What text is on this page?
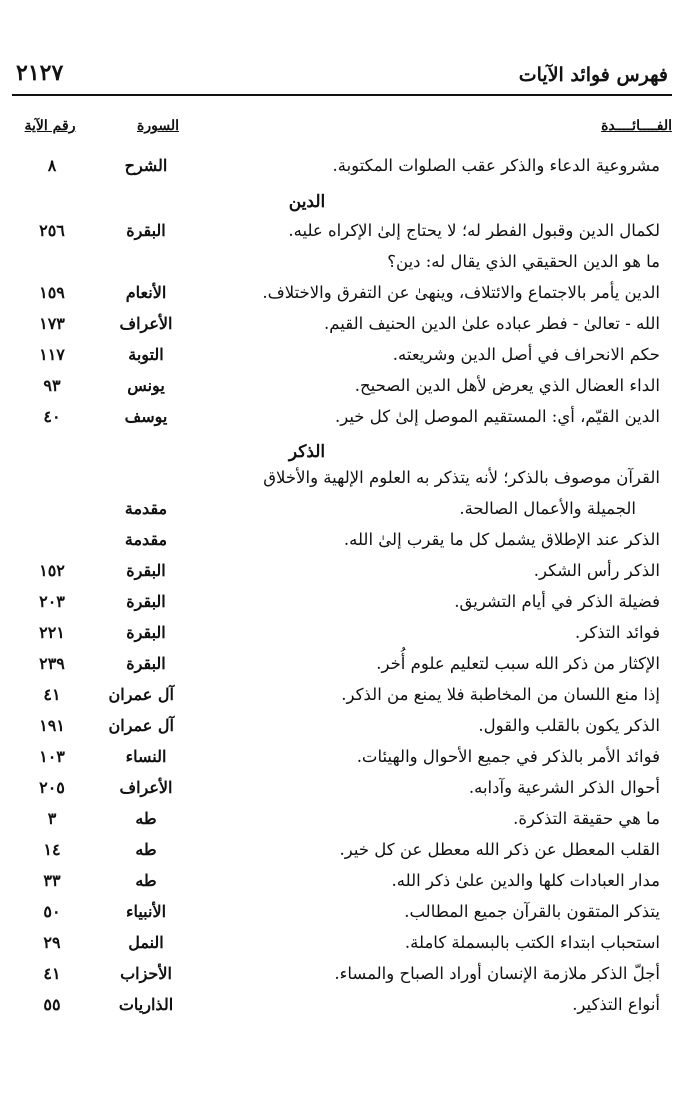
فهرس فوائد الآيات
٢١٢٧
الفــــائــــدة
السورة
رقم الآية
مشروعية الدعاء والذكر عقب الصلوات المكتوبة.
الشرح
٨
الدين
لكمال الدين وقبول الفطر له؛ لا يحتاج إلىٰ الإكراه عليه.
البقرة
٢٥٦
ما هو الدين الحقيقي الذي يقال له: دين؟
الدين يأمر بالاجتماع والائتلاف، وينهىٰ عن التفرق والاختلاف.
الأنعام
١٥٩
الله - تعالىٰ - فطر عباده علىٰ الدين الحنيف القيم.
الأعراف
١٧٣
حكم الانحراف في أصل الدين وشريعته.
التوبة
١١٧
الداء العضال الذي يعرض لأهل الدين الصحيح.
يونس
٩٣
الدين القيّم، أي: المستقيم الموصل إلىٰ كل خير.
يوسف
٤٠
الذكر
القرآن موصوف بالذكر؛ لأنه يتذكر به العلوم الإلهية والأخلاق
الجميلة والأعمال الصالحة.
مقدمة
الذكر عند الإطلاق يشمل كل ما يقرب إلىٰ الله.
مقدمة
الذكر رأس الشكر.
البقرة
١٥٢
فضيلة الذكر في أيام التشريق.
البقرة
٢٠٣
فوائد التذكر.
البقرة
٢٢١
الإكثار من ذكر الله سبب لتعليم علوم أُخر.
البقرة
٢٣٩
إذا منع اللسان من المخاطبة فلا يمنع من الذكر.
آل عمران
٤١
الذكر يكون بالقلب والقول.
آل عمران
١٩١
فوائد الأمر بالذكر في جميع الأحوال والهيئات.
النساء
١٠٣
أحوال الذكر الشرعية وآدابه.
الأعراف
٢٠٥
ما هي حقيقة التذكرة.
طه
٣
القلب المعطل عن ذكر الله معطل عن كل خير.
طه
١٤
مدار العبادات كلها والدين علىٰ ذكر الله.
طه
٣٣
يتذكر المتقون بالقرآن جميع المطالب.
الأنبياء
٥٠
استحباب ابتداء الكتب بالبسملة كاملة.
النمل
٢٩
أجلّ الذكر ملازمة الإنسان أوراد الصباح والمساء.
الأحزاب
٤١
أنواع التذكير.
الذاريات
٥٥
